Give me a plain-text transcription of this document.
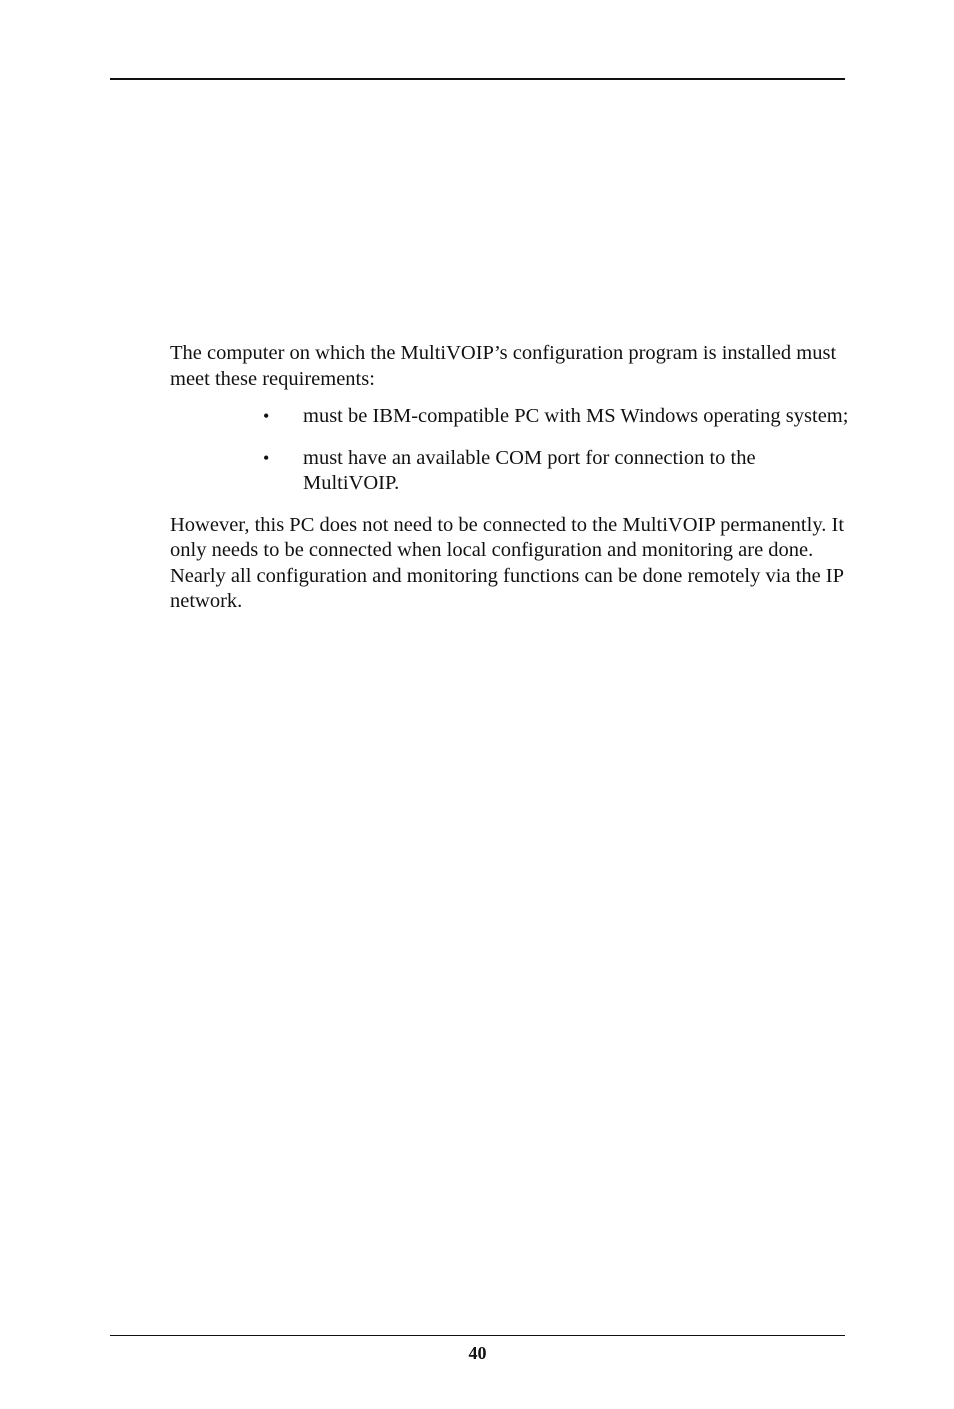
The computer on which the MultiVOIP’s configuration program is installed must meet these requirements:

• must be IBM-compatible PC with MS Windows operating system;
• must have an available COM port for connection to the MultiVOIP.

However, this PC does not need to be connected to the MultiVOIP permanently. It only needs to be connected when local configuration and monitoring are done.  Nearly all configuration and monitoring functions can be done remotely via the IP network.

40
